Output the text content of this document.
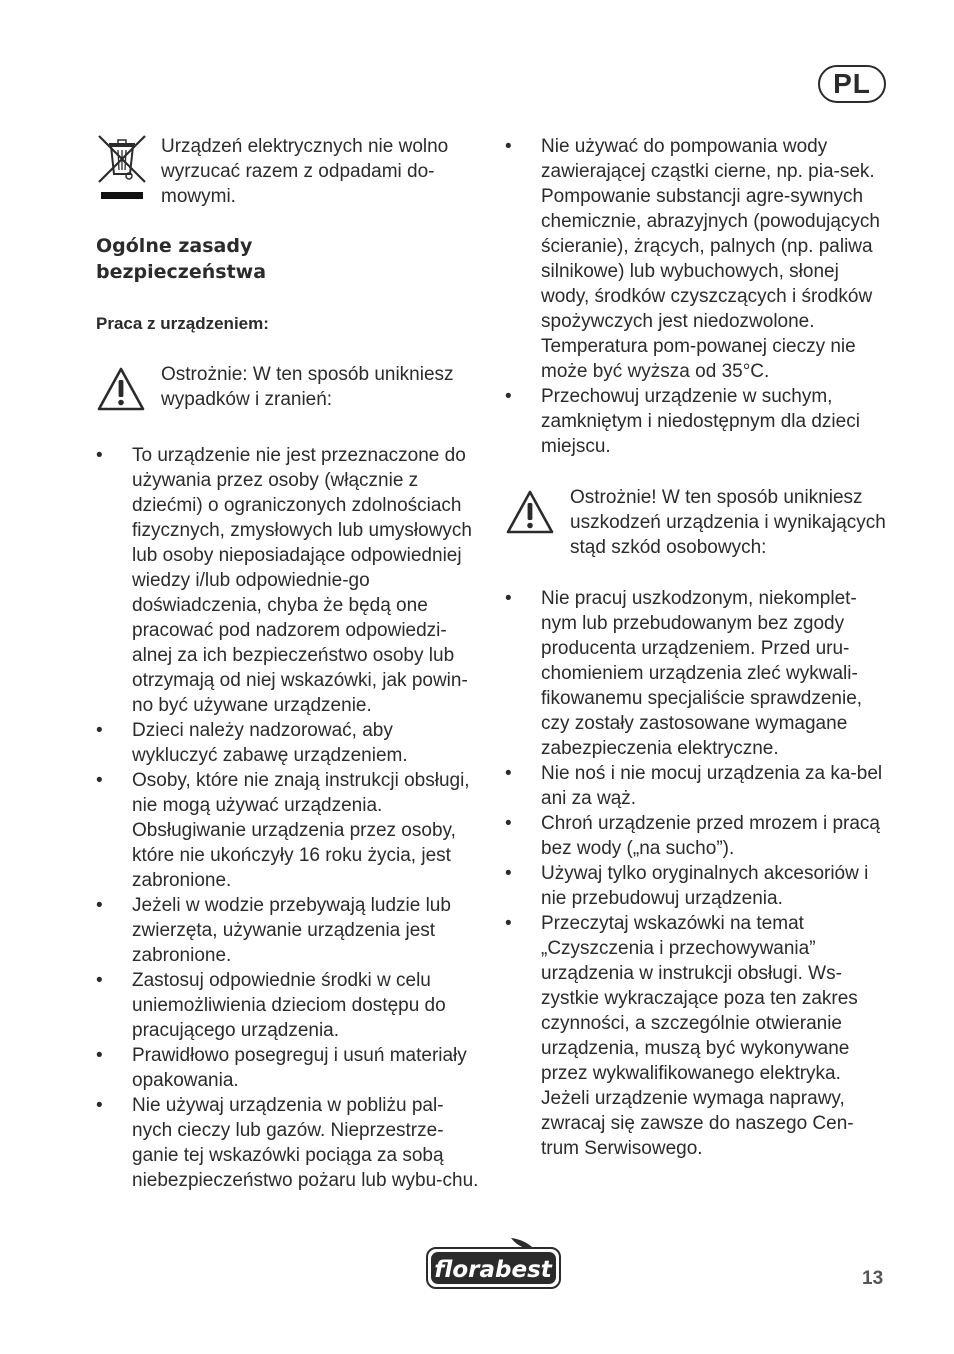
PL
Urządzeń elektrycznych nie wolno wyrzucać razem z odpadami do-mowymi.
Ogólne zasady
bezpieczeństwa

Praca z urządzeniem:

Ostrożnie: W ten sposób unikniesz wypadków i zranień:
• To urządzenie nie jest przeznaczone do używania przez osoby (włącznie z dziećmi) o ograniczonych zdolnościach fizycznych, zmysłowych lub umysłowych lub osoby nieposiadające odpowiedniej wiedzy i/lub odpowiednie-go doświadczenia, chyba że będą one pracować pod nadzorem odpowiedzi-alnej za ich bezpieczeństwo osoby lub otrzymają od niej wskazówki, jak powin-no być używane urządzenie.
• Dzieci należy nadzorować, aby wykluczyć zabawę urządzeniem.
• Osoby, które nie znają instrukcji obsługi, nie mogą używać urządzenia. Obsługiwanie urządzenia przez osoby, które nie ukończyły 16 roku życia, jest zabronione.
• Jeżeli w wodzie przebywają ludzie lub zwierzęta, używanie urządzenia jest zabronione.
• Zastosuj odpowiednie środki w celu uniemożliwienia dzieciom dostępu do pracującego urządzenia.
• Prawidłowo posegreguj i usuń materiały opakowania.
• Nie używaj urządzenia w pobliżu pal-nych cieczy lub gazów. Nieprzestrze-ganie tej wskazówki pociąga za sobą niebezpieczeństwo pożaru lub wybu-chu.
• Nie używać do pompowania wody zawierającej cząstki cierne, np. pia-sek. Pompowanie substancji agre-sywnych chemicznie, abrazyjnych (powodujących ścieranie), żrących, palnych (np. paliwa silnikowe) lub wybuchowych, słonej wody, środków czyszczących i środków spożywczych jest niedozwolone. Temperatura pom-powanej cieczy nie może być wyższa od 35°C.
• Przechowuj urządzenie w suchym, zamkniętym i niedostępnym dla dzieci miejscu.
Ostrożnie! W ten sposób unikniesz uszkodzeń urządzenia i wynikających stąd szkód osobowych:
• Nie pracuj uszkodzonym, niekomplet-nym lub przebudowanym bez zgody producenta urządzeniem. Przed uru-chomieniem urządzenia zleć wykwali-fikowanemu specjaliście sprawdzenie, czy zostały zastosowane wymagane zabezpieczenia elektryczne.
• Nie noś i nie mocuj urządzenia za ka-bel ani za wąż.
• Chroń urządzenie przed mrozem i pracą bez wody („na sucho”).
• Używaj tylko oryginalnych akcesoriów i nie przebudowuj urządzenia.
• Przeczytaj wskazówki na temat „Czyszczenia i przechowywania” urządzenia w instrukcji obsługi. Ws-zystkie wykraczające poza ten zakres czynności, a szczególnie otwieranie urządzenia, muszą być wykonywane przez wykwalifikowanego elektryka. Jeżeli urządzenie wymaga naprawy, zwracaj się zawsze do naszego Cen-trum Serwisowego.
florabest	13
